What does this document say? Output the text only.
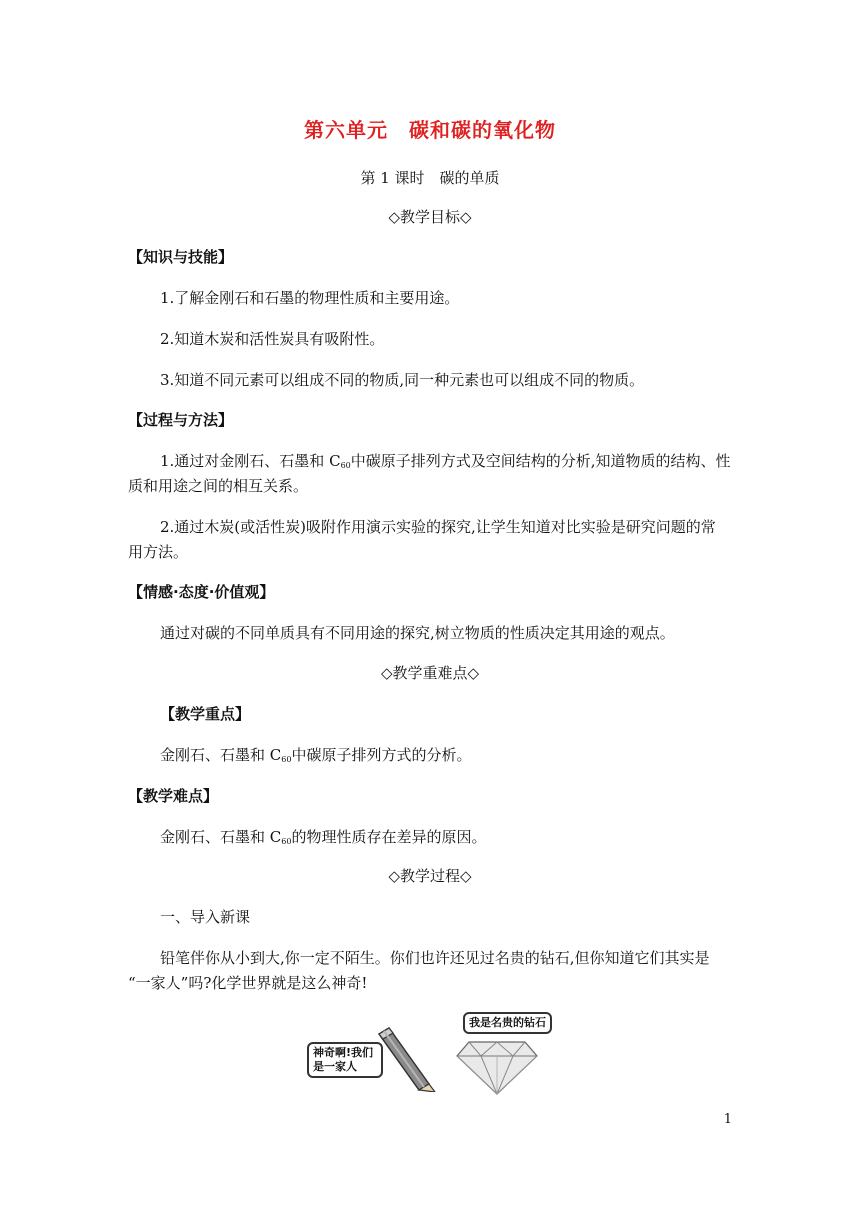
第六单元　碳和碳的氧化物
第 1 课时　碳的单质
◇教学目标◇
【知识与技能】
1.了解金刚石和石墨的物理性质和主要用途。
2.知道木炭和活性炭具有吸附性。
3.知道不同元素可以组成不同的物质,同一种元素也可以组成不同的物质。
【过程与方法】
1.通过对金刚石、石墨和 $C_{60}$中碳原子排列方式及空间结构的分析,知道物质的结构、性
质和用途之间的相互关系。
2.通过木炭(或活性炭)吸附作用演示实验的探究,让学生知道对比实验是研究问题的常
用方法。
【情感·态度·价值观】
通过对碳的不同单质具有不同用途的探究,树立物质的性质决定其用途的观点。
◇教学重难点◇
【教学重点】
金刚石、石墨和 $C_{60}$中碳原子排列方式的分析。
【教学难点】
金刚石、石墨和 $C_{60}$的物理性质存在差异的原因。
◇教学过程◇
一、导入新课
铅笔伴你从小到大,你一定不陌生。你们也许还见过名贵的钻石,但你知道它们其实是
“一家人”吗?化学世界就是这么神奇!
神奇啊!我们
是一家人
我是名贵的钻石
1
